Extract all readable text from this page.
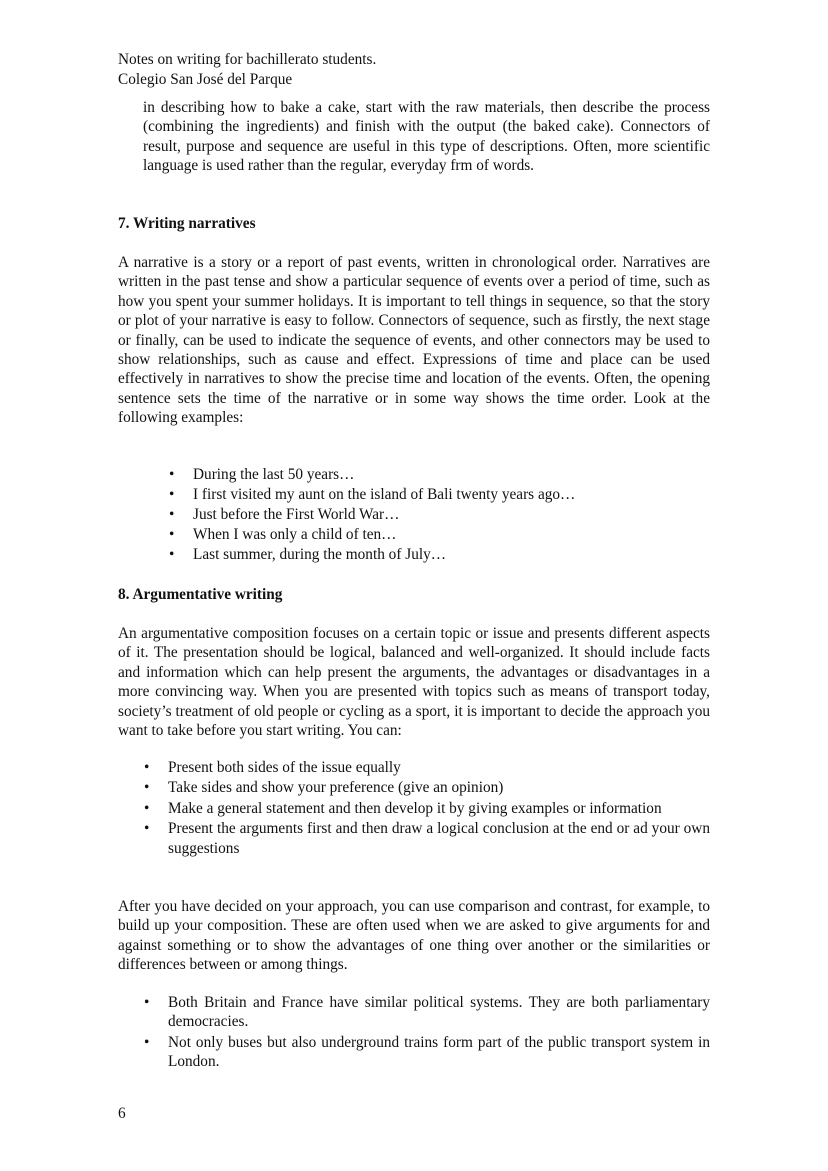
Notes on writing for bachillerato students.
Colegio San José del Parque
in describing how to bake a cake, start with the raw materials, then describe the process (combining the ingredients) and finish with the output (the baked cake). Connectors of result, purpose and sequence are useful in this type of descriptions. Often, more scientific language is used rather than the regular, everyday frm of words.
7. Writing narratives
A narrative is a story or a report of past events, written in chronological order. Narratives are written in the past tense and show a particular sequence of events over a period of time, such as how you spent your summer holidays. It is important to tell things in sequence, so that the story or plot of your narrative is easy to follow. Connectors of sequence, such as firstly, the next stage or finally, can be used to indicate the sequence of events, and other connectors may be used to show relationships, such as cause and effect. Expressions of time and place can be used effectively in narratives to show the precise time and location of the events. Often, the opening sentence sets the time of the narrative or in some way shows the time order. Look at the following examples:
• During the last 50 years…
• I first visited my aunt on the island of Bali twenty years ago…
• Just before the First World War…
• When I was only a child of ten…
• Last summer, during the month of July…
8. Argumentative writing
An argumentative composition focuses on a certain topic or issue and presents different aspects of it. The presentation should be logical, balanced and well-organized. It should include facts and information which can help present the arguments, the advantages or disadvantages in a more convincing way. When you are presented with topics such as means of transport today, society’s treatment of old people or cycling as a sport, it is important to decide the approach you want to take before you start writing. You can:
• Present both sides of the issue equally
• Take sides and show your preference (give an opinion)
• Make a general statement and then develop it by giving examples or information
• Present the arguments first and then draw a logical conclusion at the end or ad your own suggestions
After you have decided on your approach, you can use comparison and contrast, for example, to build up your composition. These are often used when we are asked to give arguments for and against something or to show the advantages of one thing over another or the similarities or differences between or among things.
• Both Britain and France have similar political systems. They are both parliamentary democracies.
• Not only buses but also underground trains form part of the public transport system in London.
6
